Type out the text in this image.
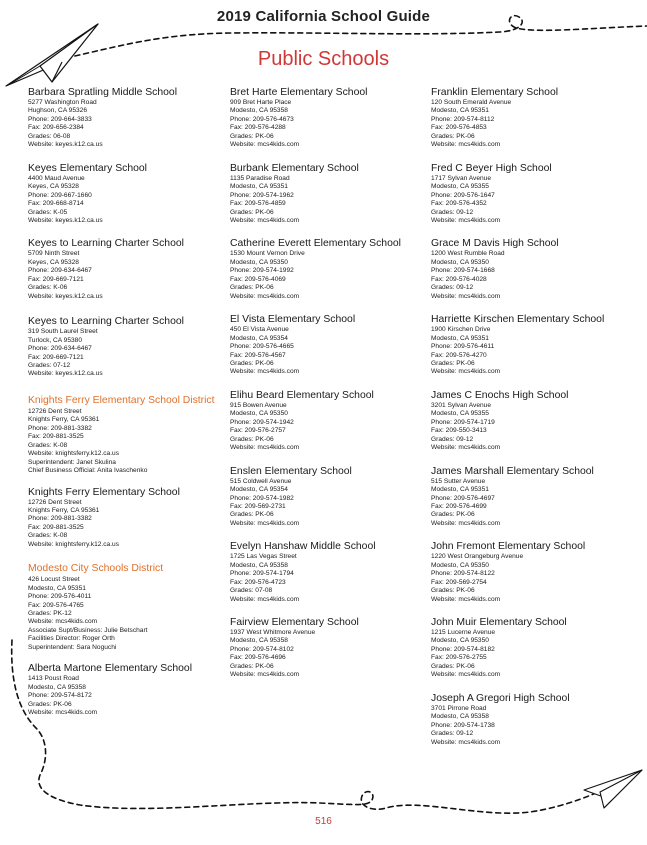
2019 California School Guide
Public Schools
Barbara Spratling Middle School
5277 Washington Road
Hughson, CA 95326
Phone: 209-664-3833
Fax: 209-656-2384
Grades: 06-08
Website: keyes.k12.ca.us
Keyes Elementary School
4400 Maud Avenue
Keyes, CA 95328
Phone: 209-667-1660
Fax: 209-668-8714
Grades: K-05
Website: keyes.k12.ca.us
Keyes to Learning Charter School
5709 Ninth Street
Keyes, CA 95328
Phone: 209-634-6467
Fax: 209-669-7121
Grades: K-06
Website: keyes.k12.ca.us
Keyes to Learning Charter School
319 South Laurel Street
Turlock, CA 95380
Phone: 209-634-6467
Fax: 209-669-7121
Grades: 07-12
Website: keyes.k12.ca.us
Knights Ferry Elementary School District
12726 Dent Street
Knights Ferry, CA 95361
Phone: 209-881-3382
Fax: 209-881-3525
Grades: K-08
Website: knightsferry.k12.ca.us
Superintendent: Janet Skulina
Chief Business Official: Anita Ivaschenko
Knights Ferry Elementary School
12726 Dent Street
Knights Ferry, CA 95361
Phone: 209-881-3382
Fax: 209-881-3525
Grades: K-08
Website: knightsferry.k12.ca.us
Modesto City Schools District
426 Locust Street
Modesto, CA 95351
Phone: 209-576-4011
Fax: 209-576-4765
Grades: PK-12
Website: mcs4kids.com
Associate Supt/Business: Julie Betschart
Facilities Director: Roger Orth
Superintendent: Sara Noguchi
Alberta Martone Elementary School
1413 Poust Road
Modesto, CA 95358
Phone: 209-574-8172
Grades: PK-06
Website: mcs4kids.com
Bret Harte Elementary School
909 Bret Harte Place
Modesto, CA 95358
Phone: 209-576-4673
Fax: 209-576-4288
Grades: PK-06
Website: mcs4kids.com
Burbank Elementary School
1135 Paradise Road
Modesto, CA 95351
Phone: 209-574-1962
Fax: 209-576-4859
Grades: PK-06
Website: mcs4kids.com
Catherine Everett Elementary School
1530 Mount Vernon Drive
Modesto, CA 95350
Phone: 209-574-1992
Fax: 209-576-4069
Grades: PK-06
Website: mcs4kids.com
El Vista Elementary School
450 El Vista Avenue
Modesto, CA 95354
Phone: 209-576-4665
Fax: 209-576-4567
Grades: PK-06
Website: mcs4kids.com
Elihu Beard Elementary School
915 Bowen Avenue
Modesto, CA 95350
Phone: 209-574-1942
Fax: 209-576-2757
Grades: PK-06
Website: mcs4kids.com
Enslen Elementary School
515 Coldwell Avenue
Modesto, CA 95354
Phone: 209-574-1982
Fax: 209-569-2731
Grades: PK-06
Website: mcs4kids.com
Evelyn Hanshaw Middle School
1725 Las Vegas Street
Modesto, CA 95358
Phone: 209-574-1794
Fax: 209-576-4723
Grades: 07-08
Website: mcs4kids.com
Fairview Elementary School
1937 West Whitmore Avenue
Modesto, CA 95358
Phone: 209-574-8102
Fax: 209-576-4696
Grades: PK-06
Website: mcs4kids.com
Franklin Elementary School
120 South Emerald Avenue
Modesto, CA 95351
Phone: 209-574-8112
Fax: 209-576-4853
Grades: PK-06
Website: mcs4kids.com
Fred C Beyer High School
1717 Sylvan Avenue
Modesto, CA 95355
Phone: 209-576-1647
Fax: 209-576-4352
Grades: 09-12
Website: mcs4kids.com
Grace M Davis High School
1200 West Rumble Road
Modesto, CA 95350
Phone: 209-574-1668
Fax: 209-576-4028
Grades: 09-12
Website: mcs4kids.com
Harriette Kirschen Elementary School
1900 Kirschen Drive
Modesto, CA 95351
Phone: 209-576-4611
Fax: 209-576-4270
Grades: PK-06
Website: mcs4kids.com
James C Enochs High School
3201 Sylvan Avenue
Modesto, CA 95355
Phone: 209-574-1719
Fax: 209-550-3413
Grades: 09-12
Website: mcs4kids.com
James Marshall Elementary School
515 Sutter Avenue
Modesto, CA 95351
Phone: 209-576-4697
Fax: 209-576-4699
Grades: PK-06
Website: mcs4kids.com
John Fremont Elementary School
1220 West Orangeburg Avenue
Modesto, CA 95350
Phone: 209-574-8122
Fax: 209-569-2754
Grades: PK-06
Website: mcs4kids.com
John Muir Elementary School
1215 Lucerne Avenue
Modesto, CA 95350
Phone: 209-574-8182
Fax: 209-576-2755
Grades: PK-06
Website: mcs4kids.com
Joseph A Gregori High School
3701 Pirrone Road
Modesto, CA 95358
Phone: 209-574-1738
Grades: 09-12
Website: mcs4kids.com
516
